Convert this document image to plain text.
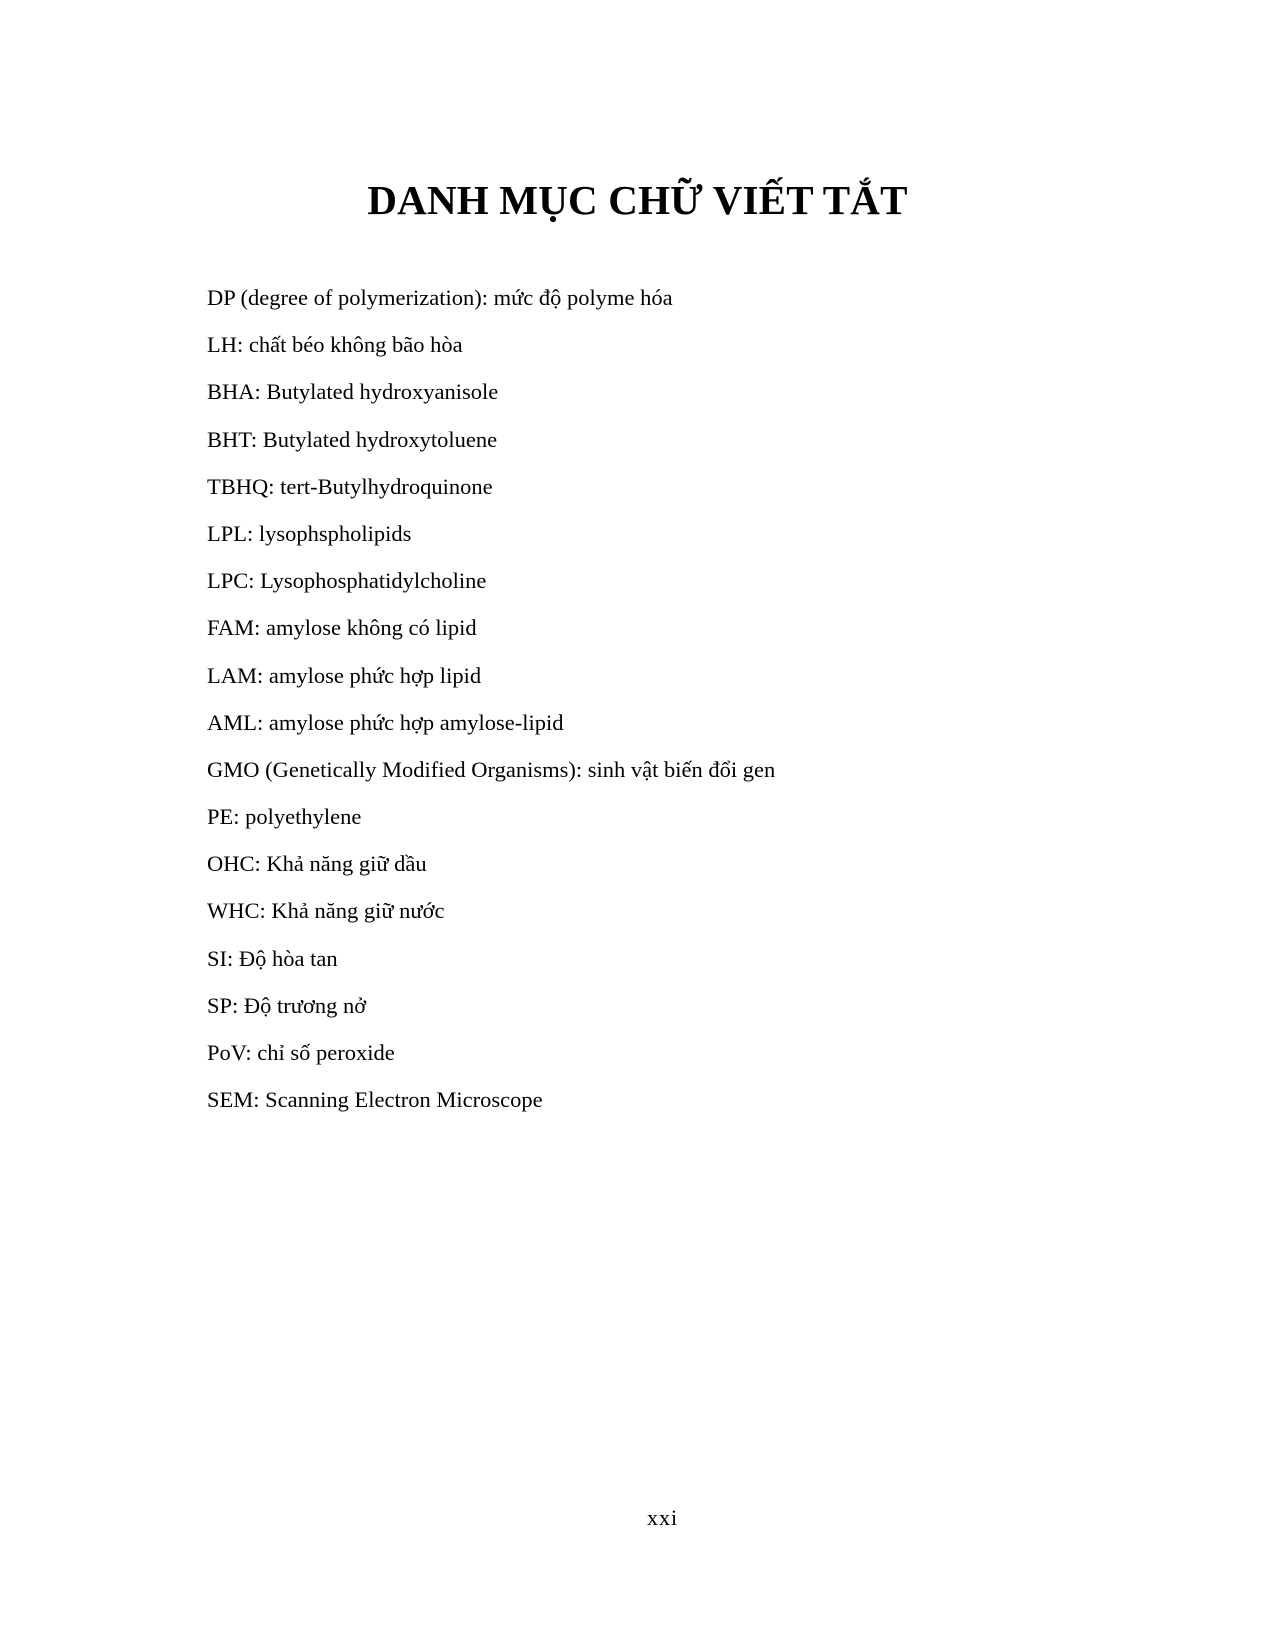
DANH MỤC CHỮ VIẾT TẮT
DP (degree of polymerization): mức độ polyme hóa
LH: chất béo không bão hòa
BHA: Butylated hydroxyanisole
BHT: Butylated hydroxytoluene
TBHQ: tert-Butylhydroquinone
LPL: lysophspholipids
LPC: Lysophosphatidylcholine
FAM: amylose không có lipid
LAM: amylose phức hợp lipid
AML: amylose phức hợp amylose-lipid
GMO (Genetically Modified Organisms): sinh vật biến đổi gen
PE: polyethylene
OHC: Khả năng giữ dầu
WHC: Khả năng giữ nước
SI: Độ hòa tan
SP: Độ trương nở
PoV: chỉ số peroxide
SEM: Scanning Electron Microscope
xxi
